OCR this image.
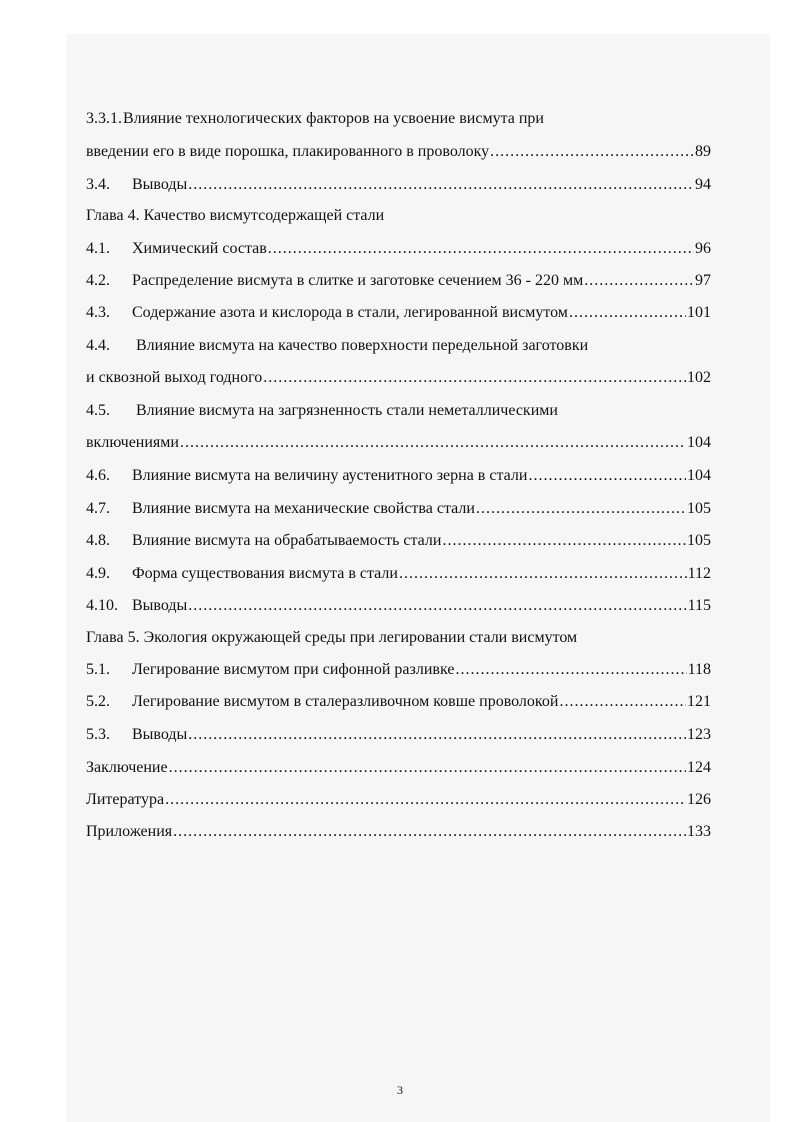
3.3.1. Влияние технологических факторов на усвоение висмута при
введении его в виде порошка, плакированного в проволоку .....	89
3.4.	Выводы .....	94
Глава 4. Качество висмутсодержащей стали
4.1.	Химический состав .....	96
4.2.	Распределение висмута в слитке и заготовке сечением 36 - 220 мм .....	97
4.3.	Содержание азота и кислорода в стали, легированной висмутом .....	101
4.4. Влияние висмута на качество поверхности передельной заготовки
и сквозной выход годного .....	102
4.5. Влияние висмута на загрязненность стали неметаллическими
включениями .....	104
4.6.	Влияние висмута на величину аустенитного зерна в стали .....	104
4.7.	Влияние висмута на механические свойства стали .....	105
4.8.	Влияние висмута на обрабатываемость стали .....	105
4.9.	Форма существования висмута в стали .....	112
4.10. Выводы .....	115
Глава 5. Экология окружающей среды при легировании стали висмутом
5.1.	Легирование висмутом при сифонной разливке .....	118
5.2.	Легирование висмутом в сталеразливочном ковше проволокой .....	121
5.3.	Выводы .....	123
Заключение .....	124
Литература .....	126
Приложения .....	133
3
